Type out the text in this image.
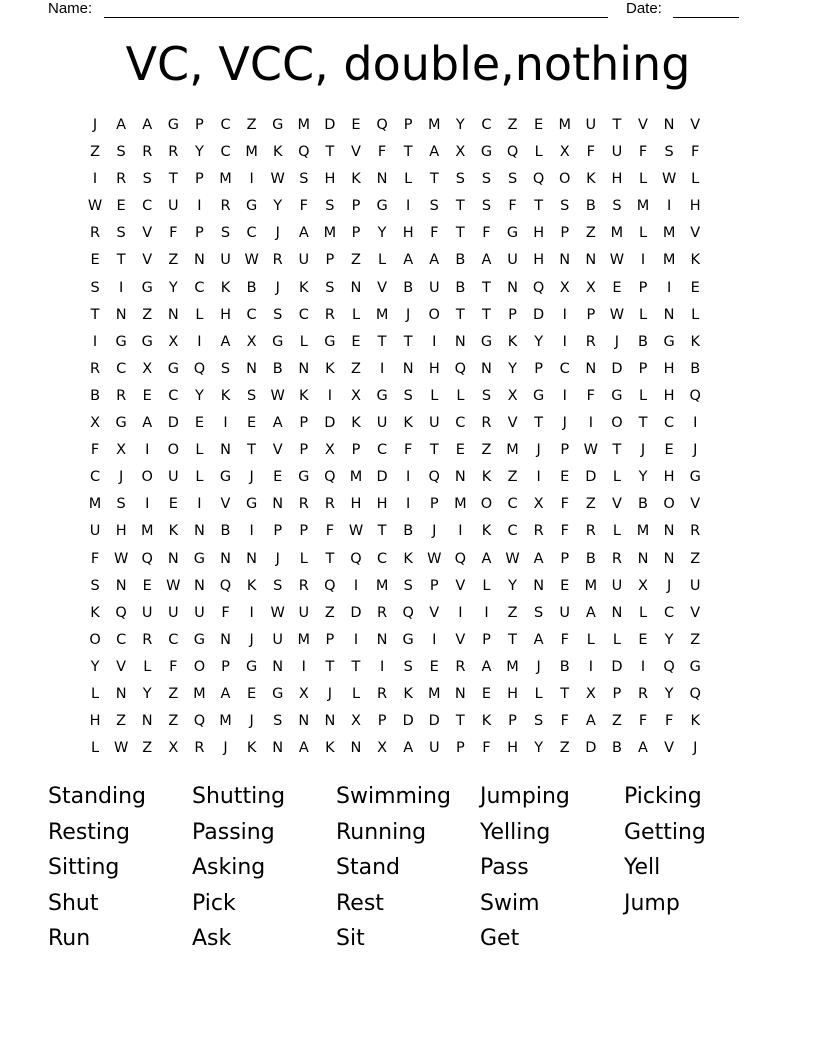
Name:	Date:
VC, VCC, double,nothing
J	A	A	G	P	C	Z	G M D	E	Q	P	M	Y	C	Z	E	M	U	T	V	N	V
Z	S	R	R	Y	C	M	K	Q	T	V	F	T	A	X	G	Q	L	X	F	U	F	S	F
I	R	S	T	P	M	I	W S	H	K	N	L	T	S	S	S	Q	O	K	H	L	W	L
W E	C	U	I	R	G	Y	F	S	P	G	I	S	T	S	F	T	S	B	S	M	I	H
R	S	V	F	P	S	C	J	A	M	P	Y	H	F	T	F	G	H	P	Z	M	L	M	V
E	T	V	Z	N	U W R	U	P	Z	L	A	A	B	A	U	H	N	N W	I	M	K
S	I	G	Y	C	K	B	J	K	S	N	V	B	U	B	T	N	Q	X	X	E	P	I	E
T	N	Z	N	L	H	C	S	C	R	L	M	J	O	T	T	P	D	I	P	W	L	N	L
I	G	G	X	I	A	X	G	L	G	E	T	T	I	N	G	K	Y	I	R	J	B	G	K
R	C	X	G	Q	S	N	B	N	K	Z	I	N	H	Q	N	Y	P	C	N	D	P	H	B
B	R	E	C	Y	K	S W K	I	X	G	S	L	L	S	X	G	I	F	G	L	H	Q
X	G	A	D	E	I	E	A	P	D	K	U	K	U	C	R	V	T	J	I	O	T	C	I
F	X	I	O	L	N	T	V	P	X	P	C	F	T	E	Z	M	J	P	W T	J	E	J
C	J	O	U	L	G	J	E	G	Q M D	I	Q	N	K	Z	I	E	D	L	Y	H	G
M	S	I	E	I	V	G	N	R	R	H	H	I	P	M O	C	X	F	Z	V	B	O	V
U	H M	K	N	B	I	P	P	F	W T	B	J	I	K	C	R	F	R	L	M N	R
F	W Q	N	G	N	N	J	L	T	Q	C	K W Q	A W A	P	B	R	N	N	Z
S	N	E W N	Q	K	S	R	Q	I	M	S	P	V	L	Y	N	E	M	U	X	J	U
K	Q	U	U	U	F	I	W U	Z	D	R	Q	V	I	I	Z	S	U	A	N	L	C	V
O	C	R	C	G	N	J	U	M	P	I	N	G	I	V	P	T	A	F	L	L	E	Y	Z
Y	V	L	F	O	P	G	N	I	T	T	I	S	E	R	A	M	J	B	I	D	I	Q	G
L	N	Y	Z	M	A	E	G	X	J	L	R	K	M N	E	H	L	T	X	P	R	Y	Q
H	Z	N	Z	Q M	J	S	N	N	X	P	D	D	T	K	P	S	F	A	Z	F	F	K
L	W Z	X	R	J	K	N	A	K	N	X	A	U	P	F	H	Y	Z	D	B	A	V	J
Standing	Shutting	Swimming	Jumping	Picking
Resting	Passing	Running	Yelling	Getting
Sitting	Asking	Stand	Pass	Yell
Shut	Pick	Rest	Swim	Jump
Run	Ask	Sit	Get
